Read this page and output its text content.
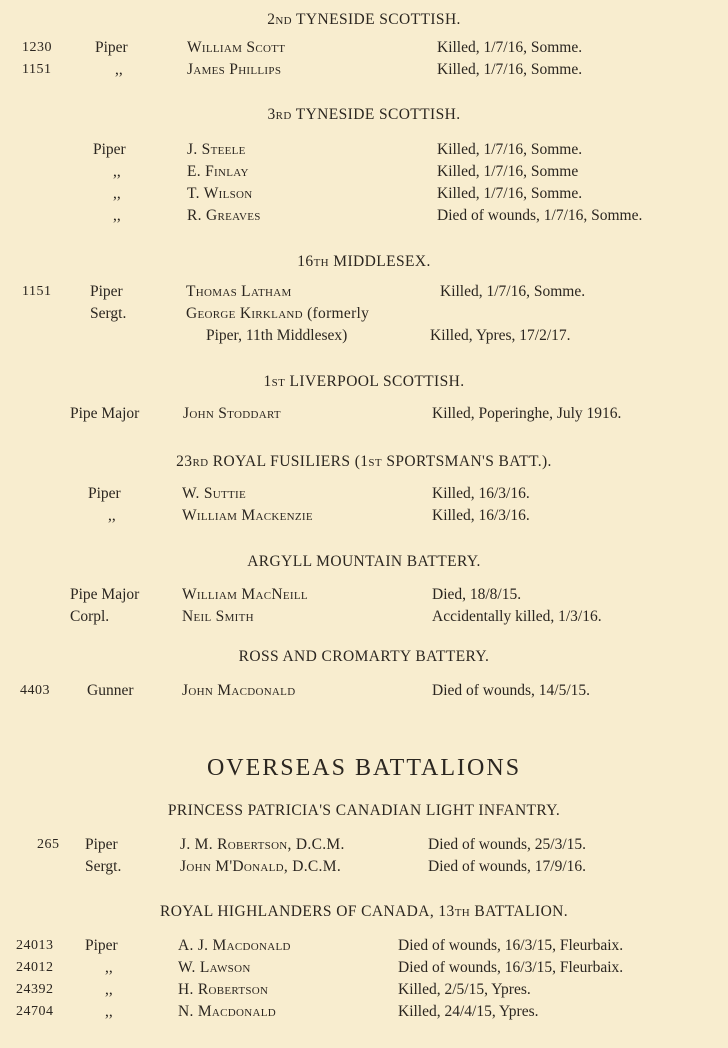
2nd TYNESIDE SCOTTISH.
1230	Piper	William Scott	Killed, 1/7/16, Somme.
1151	,,	James Phillips	Killed, 1/7/16, Somme.
3rd TYNESIDE SCOTTISH.
Piper	J. Steele	Killed, 1/7/16, Somme.
,,	E. Finlay	Killed, 1/7/16, Somme
,,	T. Wilson	Killed, 1/7/16, Somme.
,,	R. Greaves	Died of wounds, 1/7/16, Somme.
16th MIDDLESEX.
1151 Piper	Thomas Latham	Killed, 1/7/16, Somme.
Sergt.	George Kirkland (formerly
Piper, 11th Middlesex)	Killed, Ypres, 17/2/17.
1st LIVERPOOL SCOTTISH.
Pipe Major	John Stoddart	Killed, Poperinghe, July 1916.
23rd ROYAL FUSILIERS (1st SPORTSMAN'S BATT.).
Piper	W. Suttie	Killed, 16/3/16.
,,	William Mackenzie	Killed, 16/3/16.
ARGYLL MOUNTAIN BATTERY.
Pipe Major	William MacNeill	Died, 18/8/15.
Corpl.	Neil Smith	Accidentally killed, 1/3/16.
ROSS AND CROMARTY BATTERY.
4403 Gunner	John Macdonald	Died of wounds, 14/5/15.
OVERSEAS BATTALIONS
PRINCESS PATRICIA'S CANADIAN LIGHT INFANTRY.
265 Piper	J. M. Robertson, D.C.M.	Died of wounds, 25/3/15.
Sergt.	John M'Donald, D.C.M.	Died of wounds, 17/9/16.
ROYAL HIGHLANDERS OF CANADA, 13th BATTALION.
24013 Piper	A. J. Macdonald	Died of wounds, 16/3/15, Fleurbaix.
24012	,,	W. Lawson	Died of wounds, 16/3/15, Fleurbaix.
24392	,,	H. Robertson	Killed, 2/5/15, Ypres.
24704	,,	N. Macdonald	Killed, 24/4/15, Ypres.
